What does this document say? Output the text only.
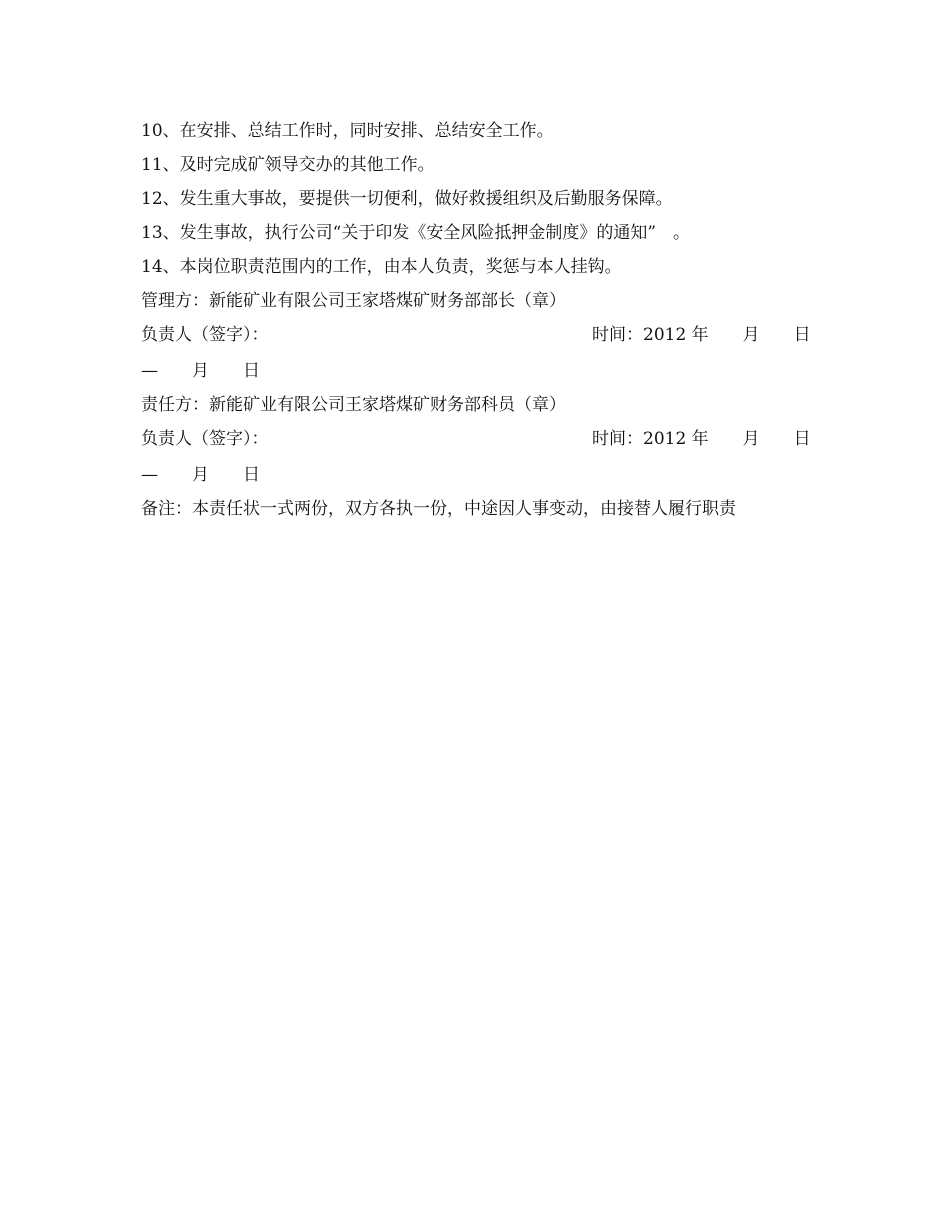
10、在安排、总结工作时，同时安排、总结安全工作。
11、及时完成矿领导交办的其他工作。
12、发生重大事故，要提供一切便利，做好救援组织及后勤服务保障。
13、发生事故，执行公司“关于印发《安全风险抵押金制度》的通知”　。
14、本岗位职责范围内的工作，由本人负责，奖惩与本人挂钩。
管理方：新能矿业有限公司王家塔煤矿财务部部长（章）
负责人（签字）：	时间：2012 年　　月　　日
—　　月　　日
责任方：新能矿业有限公司王家塔煤矿财务部科员（章）
负责人（签字）：	时间：2012 年　　月　　日
—　　月　　日
备注：本责任状一式两份，双方各执一份，中途因人事变动，由接替人履行职责
